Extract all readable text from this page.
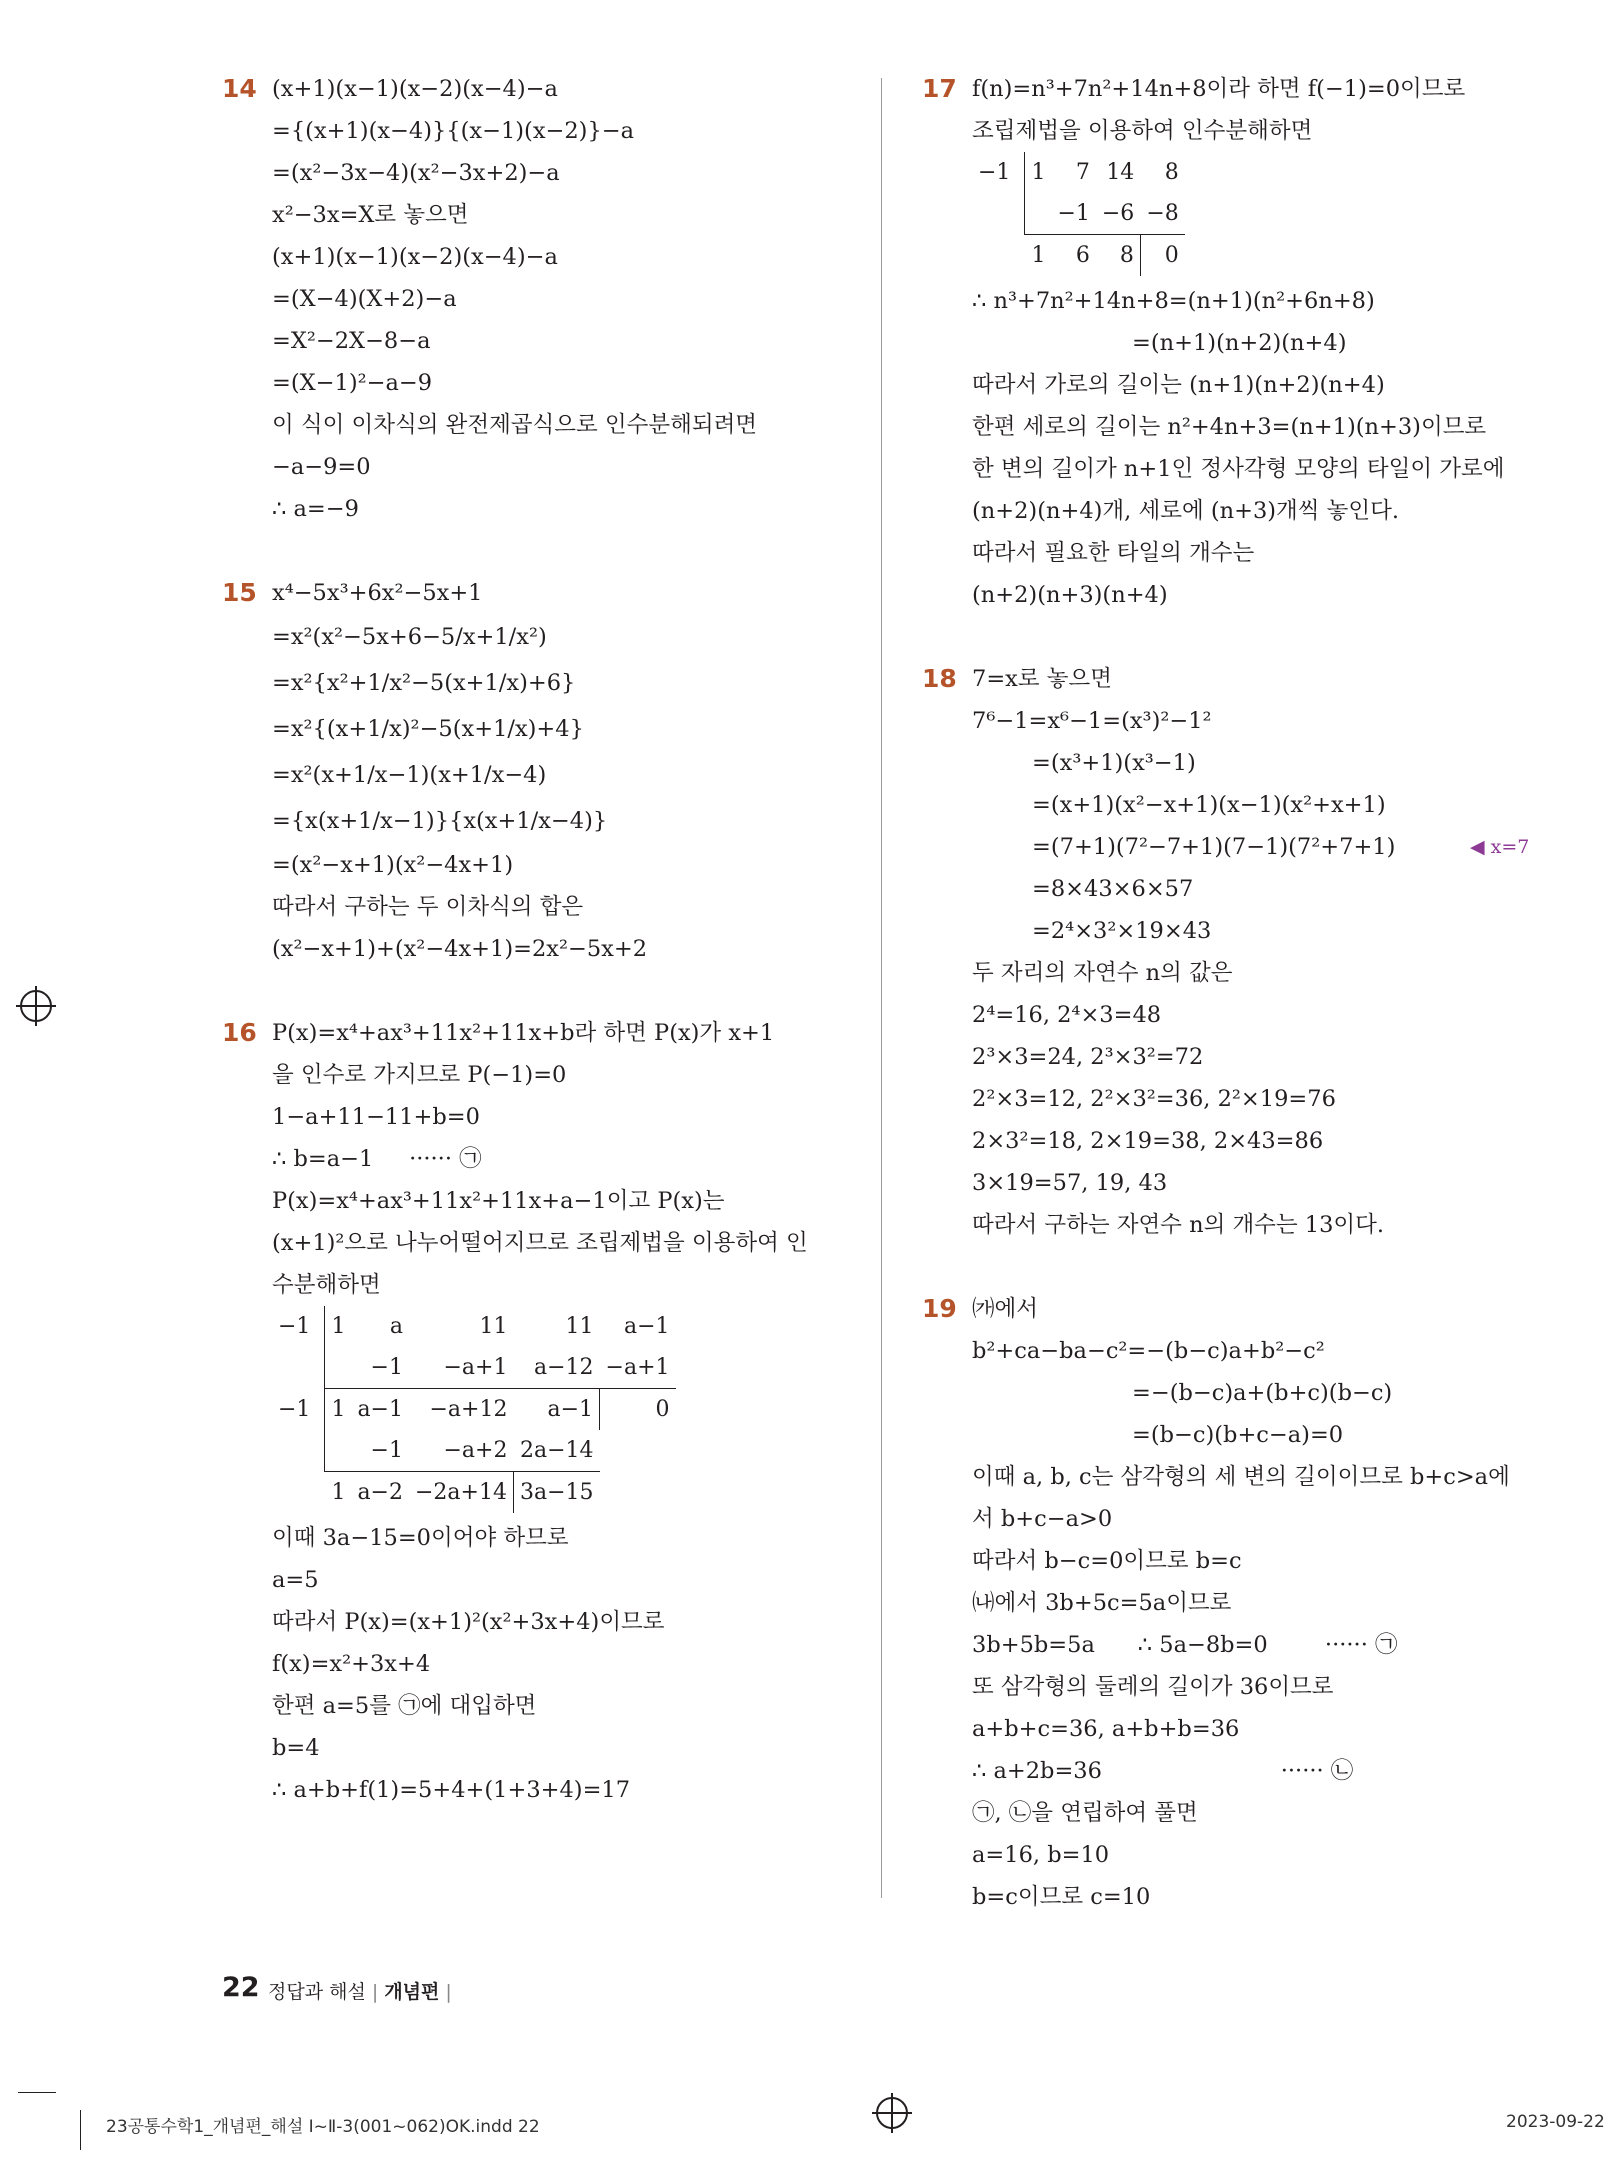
14 (x+1)(x−1)(x−2)(x−4)−a
={(x+1)(x−4)}{(x−1)(x−2)}−a
=(x²−3x−4)(x²−3x+2)−a
x²−3x=X로 놓으면
(x+1)(x−1)(x−2)(x−4)−a
=(X−4)(X+2)−a
=X²−2X−8−a
=(X−1)²−a−9
이 식이 이차식의 완전제곱식으로 인수분해되려면
−a−9=0
∴ a=−9
15 x⁴−5x³+6x²−5x+1
=x²(x²−5x+6−5/x+1/x²)
=x²{x²+1/x²−5(x+1/x)+6}
=x²{(x+1/x)²−5(x+1/x)+4}
=x²(x+1/x−1)(x+1/x−4)
={x(x+1/x−1)}{x(x+1/x−4)}
=(x²−x+1)(x²−4x+1)
따라서 구하는 두 이차식의 합은
(x²−x+1)+(x²−4x+1)=2x²−5x+2
16 P(x)=x⁴+ax³+11x²+11x+b라 하면 P(x)가 x+1
을 인수로 가지므로 P(−1)=0
1−a+11−11+b=0
∴ b=a−1     ······ ㉠
P(x)=x⁴+ax³+11x²+11x+a−1이고 P(x)는
(x+1)²으로 나누어떨어지므로 조립제법을 이용하여 인
수분해하면
−1	1	a	11	11	a−1
		−1	−a+1	a−12	−a+1
−1	1	a−1	−a+12	a−1	0
		−1	−a+2	2a−14	
	1	a−2	−2a+14	3a−15	
이때 3a−15=0이어야 하므로
a=5
따라서 P(x)=(x+1)²(x²+3x+4)이므로
f(x)=x²+3x+4
한편 a=5를 ㉠에 대입하면
b=4
∴ a+b+f(1)=5+4+(1+3+4)=17
17 f(n)=n³+7n²+14n+8이라 하면 f(−1)=0이므로
조립제법을 이용하여 인수분해하면
−1	1	7	14	8
		−1	−6	−8
	1	6	8	0
∴ n³+7n²+14n+8=(n+1)(n²+6n+8)
=(n+1)(n+2)(n+4)
따라서 가로의 길이는 (n+1)(n+2)(n+4)
한편 세로의 길이는 n²+4n+3=(n+1)(n+3)이므로
한 변의 길이가 n+1인 정사각형 모양의 타일이 가로에
(n+2)(n+4)개, 세로에 (n+3)개씩 놓인다.
따라서 필요한 타일의 개수는
(n+2)(n+3)(n+4)
18 7=x로 놓으면
7⁶−1=x⁶−1=(x³)²−1²
=(x³+1)(x³−1)
=(x+1)(x²−x+1)(x−1)(x²+x+1)
=(7+1)(7²−7+1)(7−1)(7²+7+1)	◀ x=7
=8×43×6×57
=2⁴×3²×19×43
두 자리의 자연수 n의 값은
2⁴=16, 2⁴×3=48
2³×3=24, 2³×3²=72
2²×3=12, 2²×3²=36, 2²×19=76
2×3²=18, 2×19=38, 2×43=86
3×19=57, 19, 43
따라서 구하는 자연수 n의 개수는 13이다.
19 ㈎에서
b²+ca−ba−c²=−(b−c)a+b²−c²
=−(b−c)a+(b+c)(b−c)
=(b−c)(b+c−a)=0
이때 a, b, c는 삼각형의 세 변의 길이이므로 b+c>a에
서 b+c−a>0
따라서 b−c=0이므로 b=c
㈏에서 3b+5c=5a이므로
3b+5b=5a      ∴ 5a−8b=0        ······ ㉠
또 삼각형의 둘레의 길이가 36이므로
a+b+c=36, a+b+b=36
∴ a+2b=36                         ······ ㉡
㉠, ㉡을 연립하여 풀면
a=16, b=10
b=c이므로 c=10
22 정답과 해설 | 개념편 |
23공통수학1_개념편_해설 Ⅰ~Ⅱ-3(001~062)OK.indd 22	2023-09-22
